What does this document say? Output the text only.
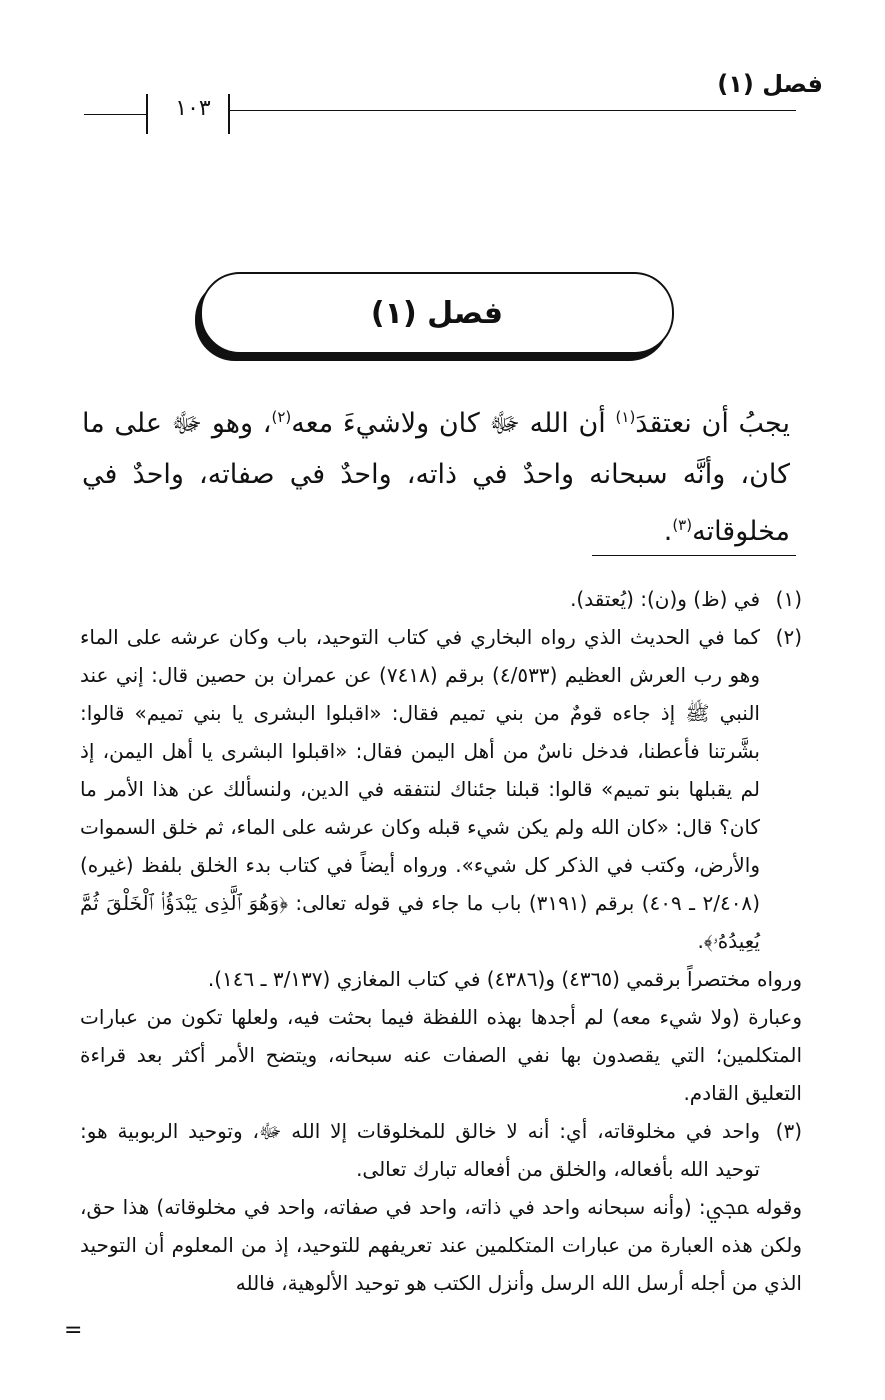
فصل (١)
١٠٣
فصل (١)
يجبُ أن نعتقدَ$^{(١)}$ أن الله ﷻ كان ولاشيءَ معه$^{(٢)}$، وهو ﷻ على ما كان، وأنَّه سبحانه واحدٌ في ذاته، واحدٌ في صفاته، واحدٌ في مخلوقاته$^{(٣)}$.
(١)
في (ظ) و(ن): (يُعتقد).
(٢)
كما في الحديث الذي رواه البخاري في كتاب التوحيد، باب وكان عرشه على الماء وهو رب العرش العظيم (٤/٥٣٣) برقم (٧٤١٨) عن عمران بن حصين قال: إني عند النبي ﷺ إذ جاءه قومٌ من بني تميم فقال: «اقبلوا البشرى يا بني تميم» قالوا: بشَّرتنا فأعطنا، فدخل ناسٌ من أهل اليمن فقال: «اقبلوا البشرى يا أهل اليمن، إذ لم يقبلها بنو تميم» قالوا: قبلنا جئناك لنتفقه في الدين، ولنسألك عن هذا الأمر ما كان؟ قال: «كان الله ولم يكن شيء قبله وكان عرشه على الماء، ثم خلق السموات والأرض، وكتب في الذكر كل شيء». ورواه أيضاً في كتاب بدء الخلق بلفظ (غيره) (٢/٤٠٨ ـ ٤٠٩) برقم (٣١٩١) باب ما جاء في قوله تعالى: ﴿وَهُوَ ٱلَّذِى يَبْدَؤُا۟ ٱلْخَلْقَ ثُمَّ يُعِيدُهُۥ﴾.
ورواه مختصراً برقمي (٤٣٦٥) و(٤٣٨٦) في كتاب المغازي (٣/١٣٧ ـ ١٤٦).
وعبارة (ولا شيء معه) لم أجدها بهذه اللفظة فيما بحثت فيه، ولعلها تكون من عبارات المتكلمين؛ التي يقصدون بها نفي الصفات عنه سبحانه، ويتضح الأمر أكثر بعد قراءة التعليق القادم.
(٣)
واحد في مخلوقاته، أي: أنه لا خالق للمخلوقات إلا الله ﷻ، وتوحيد الربوبية هو: توحيد الله بأفعاله، والخلق من أفعاله تبارك تعالى.
وقوله ﷀ: (وأنه سبحانه واحد في ذاته، واحد في صفاته، واحد في مخلوقاته) هذا حق، ولكن هذه العبارة من عبارات المتكلمين عند تعريفهم للتوحيد، إذ من المعلوم أن التوحيد الذي من أجله أرسل الله الرسل وأنزل الكتب هو توحيد الألوهية، فالله
=
